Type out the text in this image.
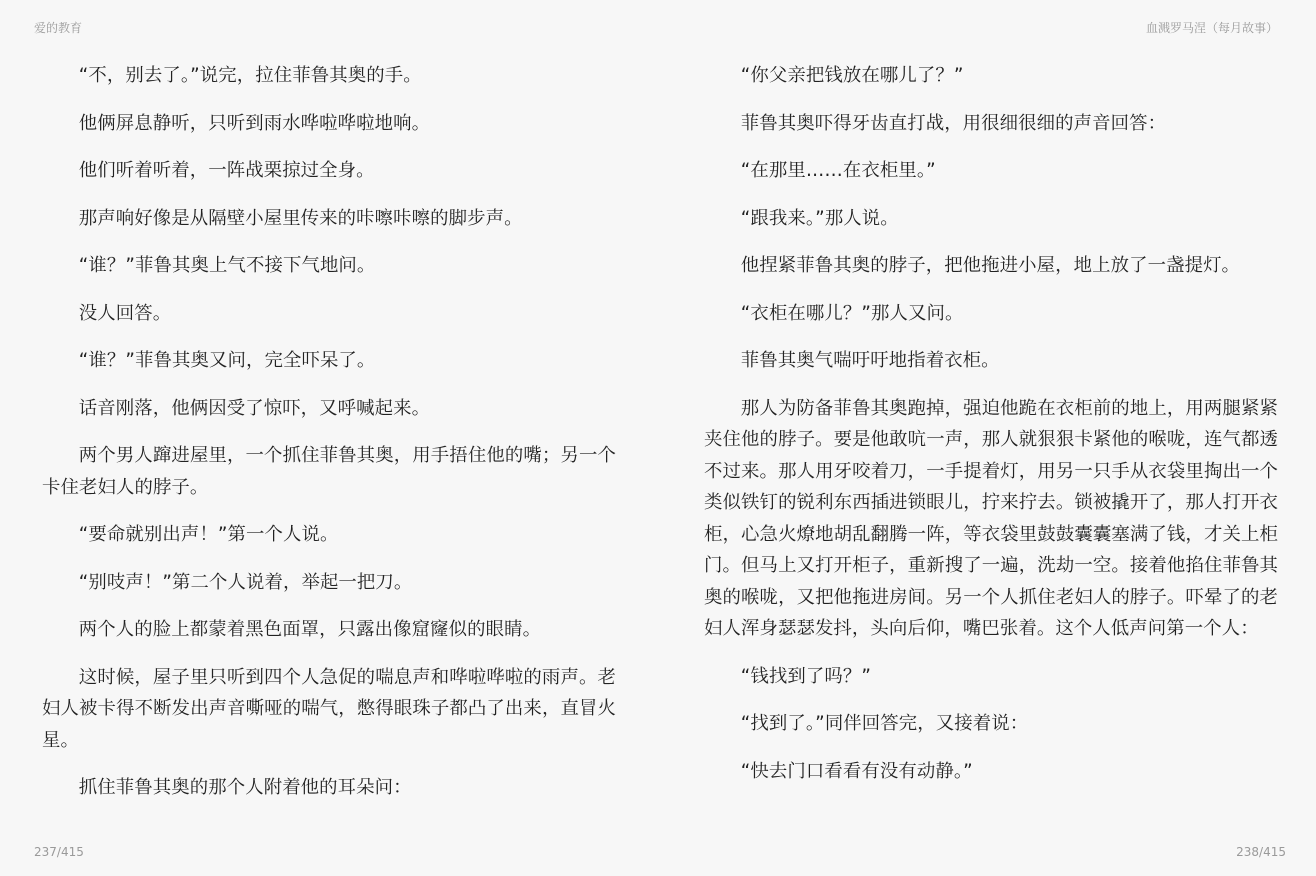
爱的教育	血溅罗马涅（每月故事）

“不，别去了。”说完，拉住菲鲁其奥的手。

他俩屏息静听，只听到雨水哗啦哗啦地响。

他们听着听着，一阵战栗掠过全身。

那声响好像是从隔壁小屋里传来的咔嚓咔嚓的脚步声。

“谁？”菲鲁其奥上气不接下气地问。

没人回答。

“谁？”菲鲁其奥又问，完全吓呆了。

话音刚落，他俩因受了惊吓，又呼喊起来。

两个男人蹿进屋里，一个抓住菲鲁其奥，用手捂住他的嘴；另一个卡住老妇人的脖子。

“要命就别出声！”第一个人说。

“别吱声！”第二个人说着，举起一把刀。

两个人的脸上都蒙着黑色面罩，只露出像窟窿似的眼睛。

这时候，屋子里只听到四个人急促的喘息声和哗啦哗啦的雨声。老妇人被卡得不断发出声音嘶哑的喘气，憋得眼珠子都凸了出来，直冒火星。

抓住菲鲁其奥的那个人附着他的耳朵问：

“你父亲把钱放在哪儿了？”

菲鲁其奥吓得牙齿直打战，用很细很细的声音回答：

“在那里……在衣柜里。”

“跟我来。”那人说。

他捏紧菲鲁其奥的脖子，把他拖进小屋，地上放了一盏提灯。

“衣柜在哪儿？”那人又问。

菲鲁其奥气喘吁吁地指着衣柜。

那人为防备菲鲁其奥跑掉，强迫他跪在衣柜前的地上，用两腿紧紧夹住他的脖子。要是他敢吭一声，那人就狠狠卡紧他的喉咙，连气都透不过来。那人用牙咬着刀，一手提着灯，用另一只手从衣袋里掏出一个类似铁钉的锐利东西插进锁眼儿，拧来拧去。锁被撬开了，那人打开衣柜，心急火燎地胡乱翻腾一阵，等衣袋里鼓鼓囊囊塞满了钱，才关上柜门。但马上又打开柜子，重新搜了一遍，洗劫一空。接着他掐住菲鲁其奥的喉咙，又把他拖进房间。另一个人抓住老妇人的脖子。吓晕了的老妇人浑身瑟瑟发抖，头向后仰，嘴巴张着。这个人低声问第一个人：

“钱找到了吗？”

“找到了。”同伴回答完，又接着说：

“快去门口看看有没有动静。”

237/415	238/415
